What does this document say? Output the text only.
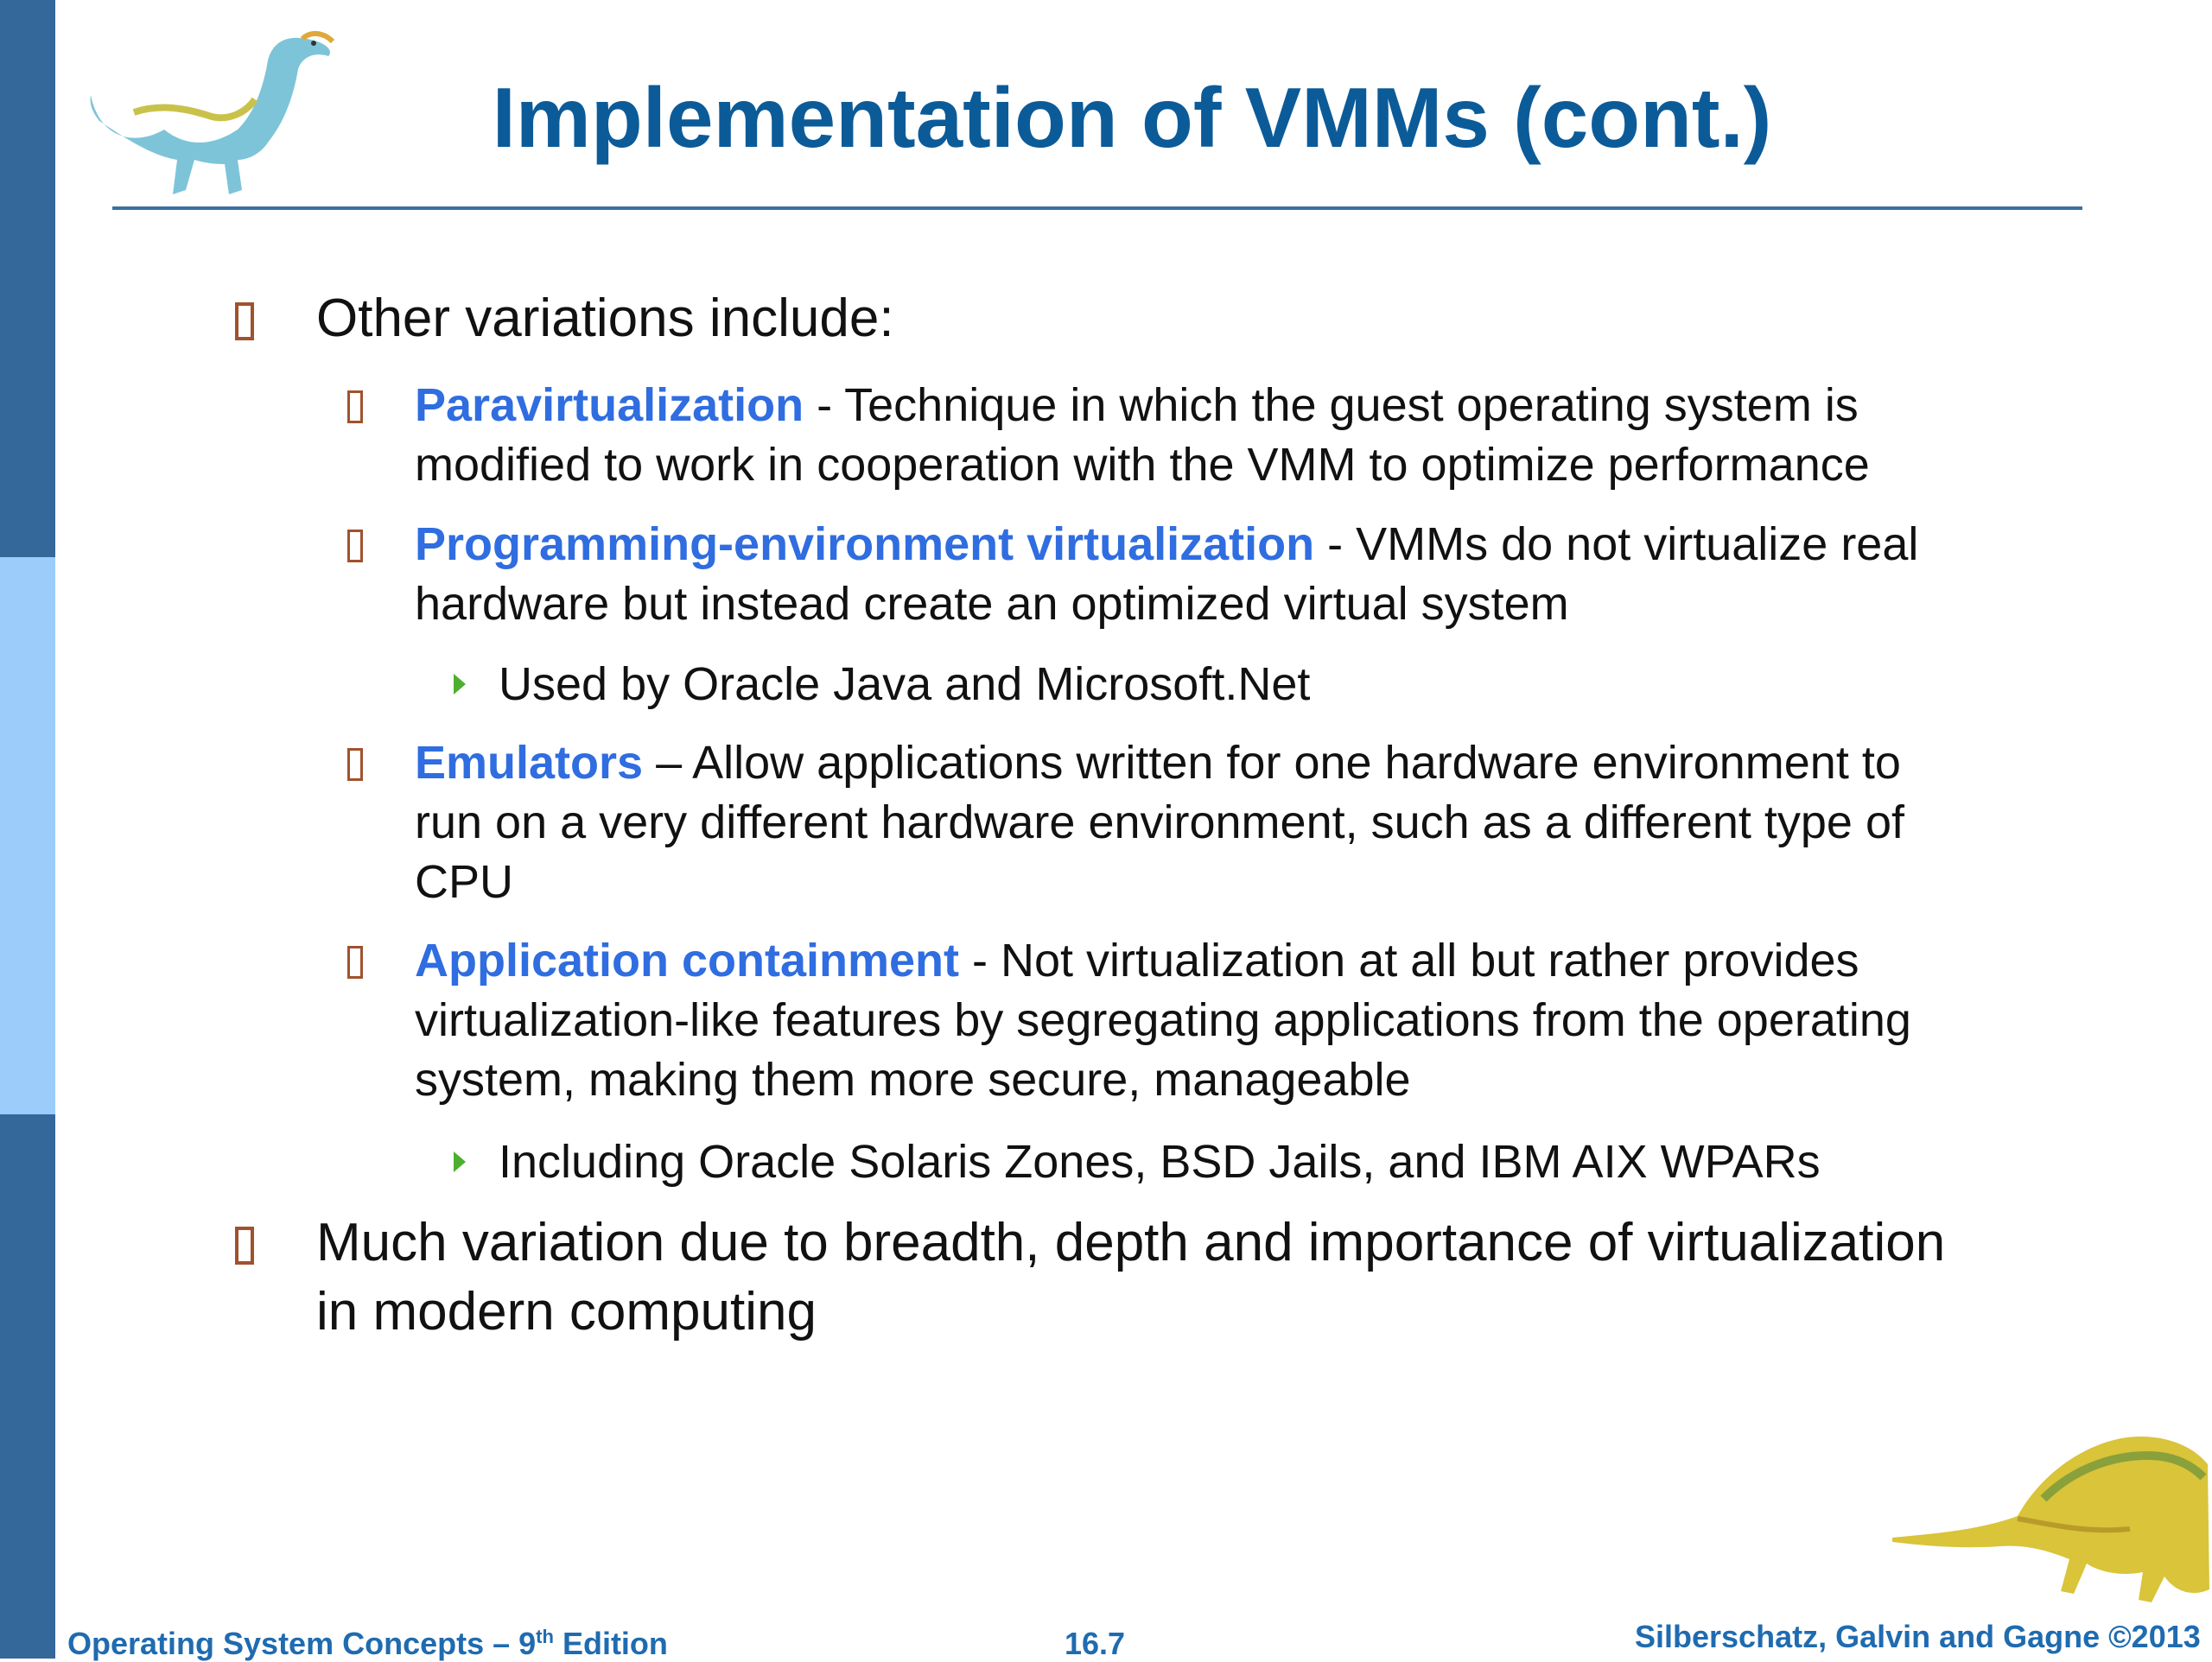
Implementation of VMMs (cont.)
Other variations include:
Paravirtualization - Technique in which the guest operating system is
modified to work in cooperation with the VMM to optimize performance
Programming-environment virtualization - VMMs do not virtualize real
hardware but instead create an optimized virtual system
Used by Oracle Java and Microsoft.Net
Emulators – Allow applications written for one hardware environment to
run on a very different hardware environment, such as a different type of
CPU
Application containment - Not virtualization at all but rather provides
virtualization-like features by segregating applications from the operating
system, making them more secure, manageable
Including Oracle Solaris Zones, BSD Jails, and IBM AIX WPARs
Much variation due to breadth, depth and importance of virtualization
in modern computing
Operating System Concepts – 9th Edition	16.7	Silberschatz, Galvin and Gagne ©2013
